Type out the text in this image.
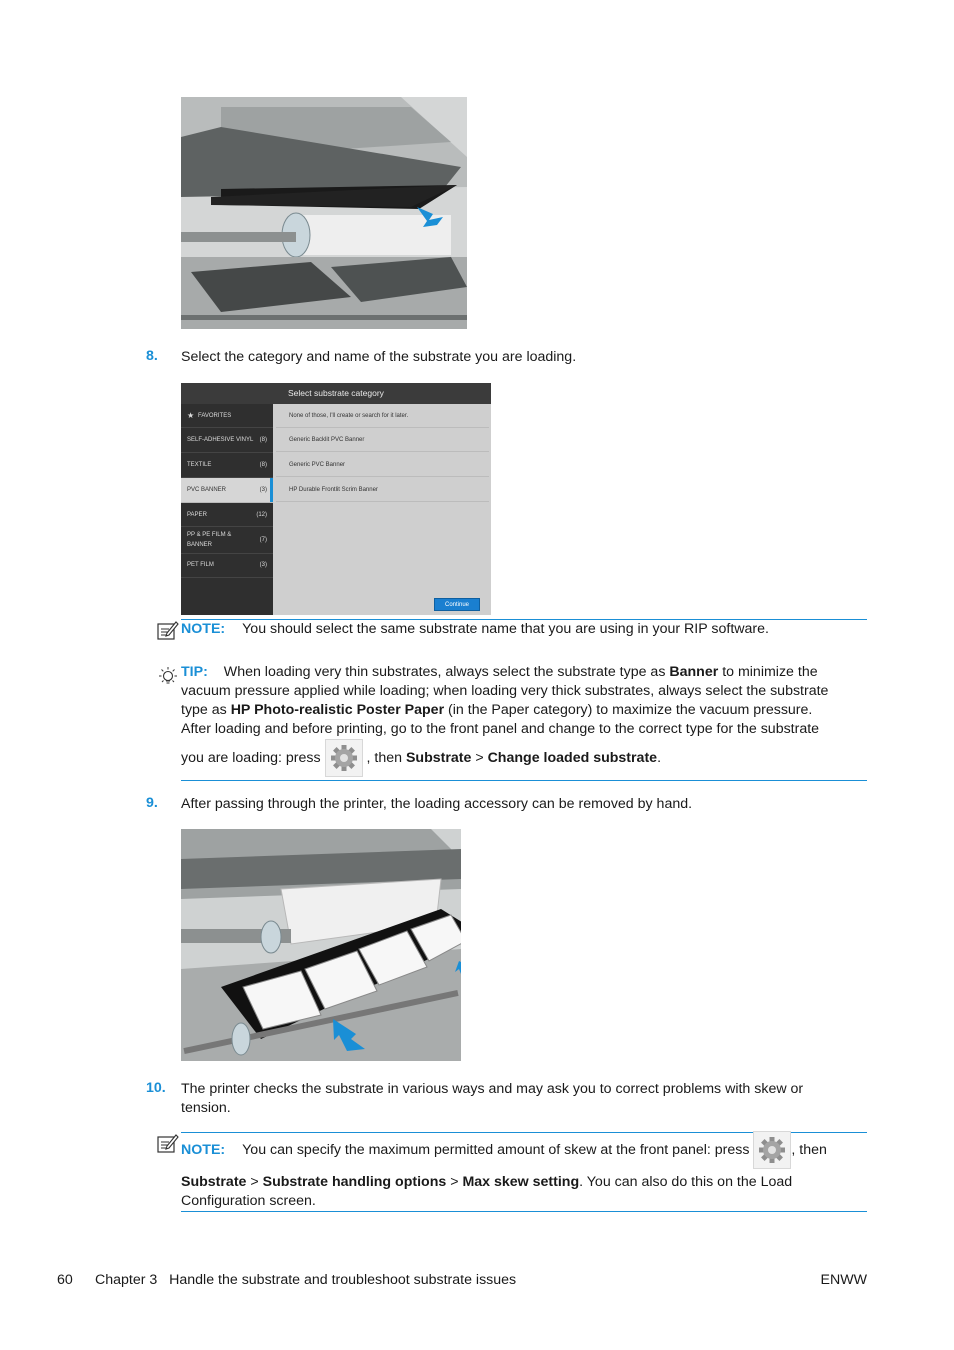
8. Select the category and name of the substrate you are loading.
Select substrate category
★ FAVORITES
SELF-ADHESIVE VINYL (8)
TEXTILE	(8)
PVC BANNER	(3)
PAPER	(12)
PP & PE FILM &
BANNER
(7)
PET FILM	(3)
None of those, I'll create or search for it later.
Generic Backlit PVC Banner
Generic PVC Banner
HP Durable Frontlit Scrim Banner
Continue
NOTE: You should select the same substrate name that you are using in your RIP software.
TIP: When loading very thin substrates, always select the substrate type as Banner to minimize the
vacuum pressure applied while loading; when loading very thick substrates, always select the substrate
type as HP Photo-realistic Poster Paper (in the Paper category) to maximize the vacuum pressure.
After loading and before printing, go to the front panel and change to the correct type for the substrate
you are loading: press	, then Substrate > Change loaded substrate.
9. After passing through the printer, the loading accessory can be removed by hand.
10. The printer checks the substrate in various ways and may ask you to correct problems with skew or
tension.
NOTE: You can specify the maximum permitted amount of skew at the front panel: press	, then
Substrate > Substrate handling options > Max skew setting. You can also do this on the Load
Configuration screen.
60 Chapter 3   Handle the substrate and troubleshoot substrate issues	ENWW
